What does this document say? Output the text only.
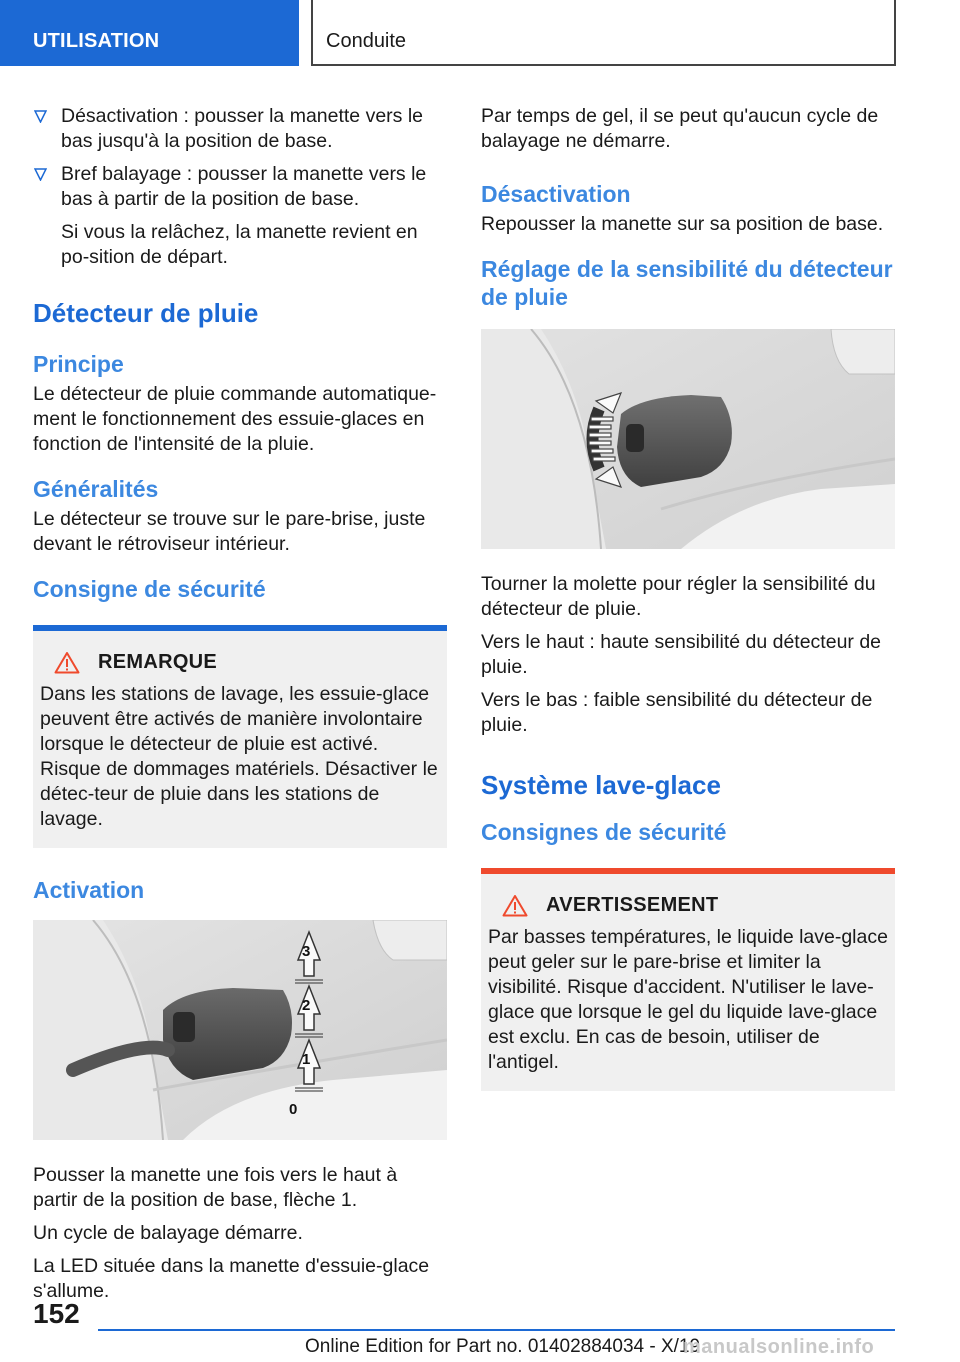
UTILISATION	Conduite
Désactivation : pousser la manette vers le bas jusqu'à la position de base.
Bref balayage : pousser la manette vers le bas à partir de la position de base.
Si vous la relâchez, la manette revient en po‐sition de départ.
Détecteur de pluie
Principe

Le détecteur de pluie commande automatique‐ment le fonctionnement des essuie-glaces en fonction de l'intensité de la pluie.

Généralités

Le détecteur se trouve sur le pare-brise, juste devant le rétroviseur intérieur.

Consigne de sécurité
REMARQUE

Dans les stations de lavage, les essuie-glace peuvent être activés de manière involontaire lorsque le détecteur de pluie est activé. Risque de dommages matériels. Désactiver le détec‐teur de pluie dans les stations de lavage.

Activation
3
2
1
0

Pousser la manette une fois vers le haut à partir de la position de base, flèche 1.

Un cycle de balayage démarre.

La LED située dans la manette d'essuie-glace s'allume.

Par temps de gel, il se peut qu'aucun cycle de balayage ne démarre.

Désactivation

Repousser la manette sur sa position de base.

Réglage de la sensibilité du détecteur de pluie

Tourner la molette pour régler la sensibilité du détecteur de pluie.

Vers le haut : haute sensibilité du détecteur de pluie.

Vers le bas : faible sensibilité du détecteur de pluie.

Système lave-glace
Consignes de sécurité
AVERTISSEMENT

Par basses températures, le liquide lave-glace peut geler sur le pare-brise et limiter la visibilité. Risque d'accident. N'utiliser le lave-glace que lorsque le gel du liquide lave-glace est exclu. En cas de besoin, utiliser de l'antigel.

152
Online Edition for Part no. 01402884034 - X/19
manualsonline.info
